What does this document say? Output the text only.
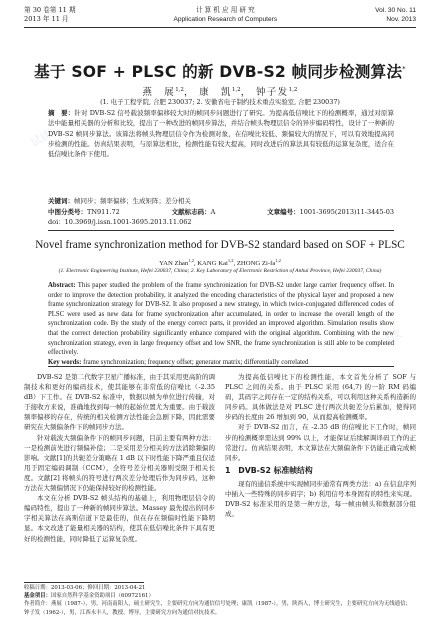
试读
试读
第 30 卷第 11 期
2013 年 11 月
计 算 机 应 用 研 究
Application Research of Computers
Vol. 30 No. 11
Nov. 2013
基于 SOF + PLSC 的新 DVB-S2 帧同步检测算法*
燕　展$^{1,2}$， 康　凯$^{1,2}$， 钟子发$^{1,2}$
(1. 电子工程学院, 合肥 230037; 2. 安徽省电子制约技术重点实验室, 合肥 230037)
摘　要：针对 DVB-S2 信号载波频率偏移较大时的帧同步问题进行了研究。为提高低信噪比下的检测概率，通过对原算法中能量相关器的分析和比较，提出了一种改进的帧同步算法，并结合帧头物理层信令的异步编码特性，设计了一种新的 DVB-S2 帧同步算法。该算法将帧头物理层信令作为检测对象，在信噪比较低、频偏较大的情况下，可以有效地提高同步检测的性能。仿真结果表明，与原算法相比，检测性能有较大提高，同时改进后的算法具有较低的运算复杂度，适合在低信噪比条件下使用。
关键词：帧同步；频率偏移；生成矩阵；差分相关
中图分类号：TN911.72	文献标志码：A	文章编号：1001-3695(2013)11-3445-03
doi：10.3969/j.issn.1001-3695.2013.11.062
Novel frame synchronization method for DVB-S2 standard based on SOF + PLSC
YAN Zhan$^{1,2}$, KANG Kai$^{1,2}$, ZHONG Zi-fa$^{1,2}$
(1. Electronic Engineering Institute, Hefei 230037, China; 2. Key Laboratory of Electronic Restriction of Anhui Province, Hefei 230037, China)
Abstract: This paper studied the problem of the frame synchronization for DVB-S2 under large carrier frequency offset. In order to improve the detection probability, it analyzed the encoding characteristics of the physical layer and proposed a new frame synchronization strategy for DVB-S2. It also proposed a new strategy, in which twice-conjugated differenced codes of PLSC were used as new data for frame synchronization after accumulated, in order to increase the overall length of the synchronization code. By the study of the energy correct parts, it provided an improved algorithm. Simulation results show that the correct detection probability significantly enhance compared with the original algorithm. Combining with the new synchronization strategy, even in large frequency offset and low SNR, the frame synchronization is still able to be completed effectively.
Key words: frame synchronization; frequency offset; generator matrix; differentially correlated

DVB-S2 是第二代数字卫星广播标准，由于其采用更高阶的调制技术和更好的编码技术，使其能够在非常低的信噪比（-2.35 dB）下工作。在 DVB-S2 标准中，数据以帧为单位进行传输，对于接收方来说，准确地找到每一帧的起始位置尤为重要。由于载波频率偏移的存在，传统的相关检测方法性能会急剧下降，因此需要研究在大频偏条件下的帧同步方法。

针对载波大频偏条件下的帧同步问题，目前主要有两种方法：一是检测前先进行频偏补偿；二是采用差分相关的方法消除频偏的影响。文献[1]的共轭差分策略在 1 dB 以下时性能下降严重且仅适用于固定编码调制（CCM），全符号差分相关器则受限于相关长度。文献[2] 将帧头的符号进行两次差分处理后作为同步码，这种方法在大频偏情况下仍能保持较好的检测性能。

本文在分析 DVB-S2 帧头结构的基础上，利用物理层信令的编码特性，提出了一种新的帧同步算法。Massey 最先提出的同步字相关算法在高斯信道下是最佳的，但在存在频偏时性能下降明显。本文改进了能量相关器的结构，使其在低信噪比条件下具有更好的检测性能，同时降低了运算复杂度。

为提高低信噪比下的检测性能，本文首先分析了 SOF 与 PLSC 之间的关系。由于 PLSC 采用 (64,7) 的一阶 RM 码编码，其码字之间存在一定的结构关系，可以利用这种关系构造新的同步码。具体做法是对 PLSC 进行两次共轭差分后累加，使得同步码的长度由 26 增加到 90，从而提高检测概率。

对于 DVB-S2 而言，在 -2.35 dB 的信噪比下工作时，帧同步的检测概率需达到 99% 以上，才能保证后续解调译码工作的正常进行。仿真结果表明，本文算法在大频偏条件下仍能正确完成帧同步。

1　DVB-S2 标准帧结构

现有的通信系统中实现帧同步通常有两类方法：a) 在信息序列中插入一些特殊的同步码字；b) 利用信号本身固有的特性来实现。DVB-S2 标准采用的是第一种方法，每一帧由帧头和数据部分组成。

收稿日期：2013-03-06；修回日期：2013-04-21
基金项目：国家自然科学基金资助项目（60972161）
作者简介：燕展（1987-），男，河南南阳人，硕士研究生，主要研究方向为通信信号处理；康凯（1987-），男，陕西人，博士研究生，主要研究方向为无线通信；钟子发（1962-），男，江西永丰人，教授，博导，主要研究方向为通信对抗技术。
